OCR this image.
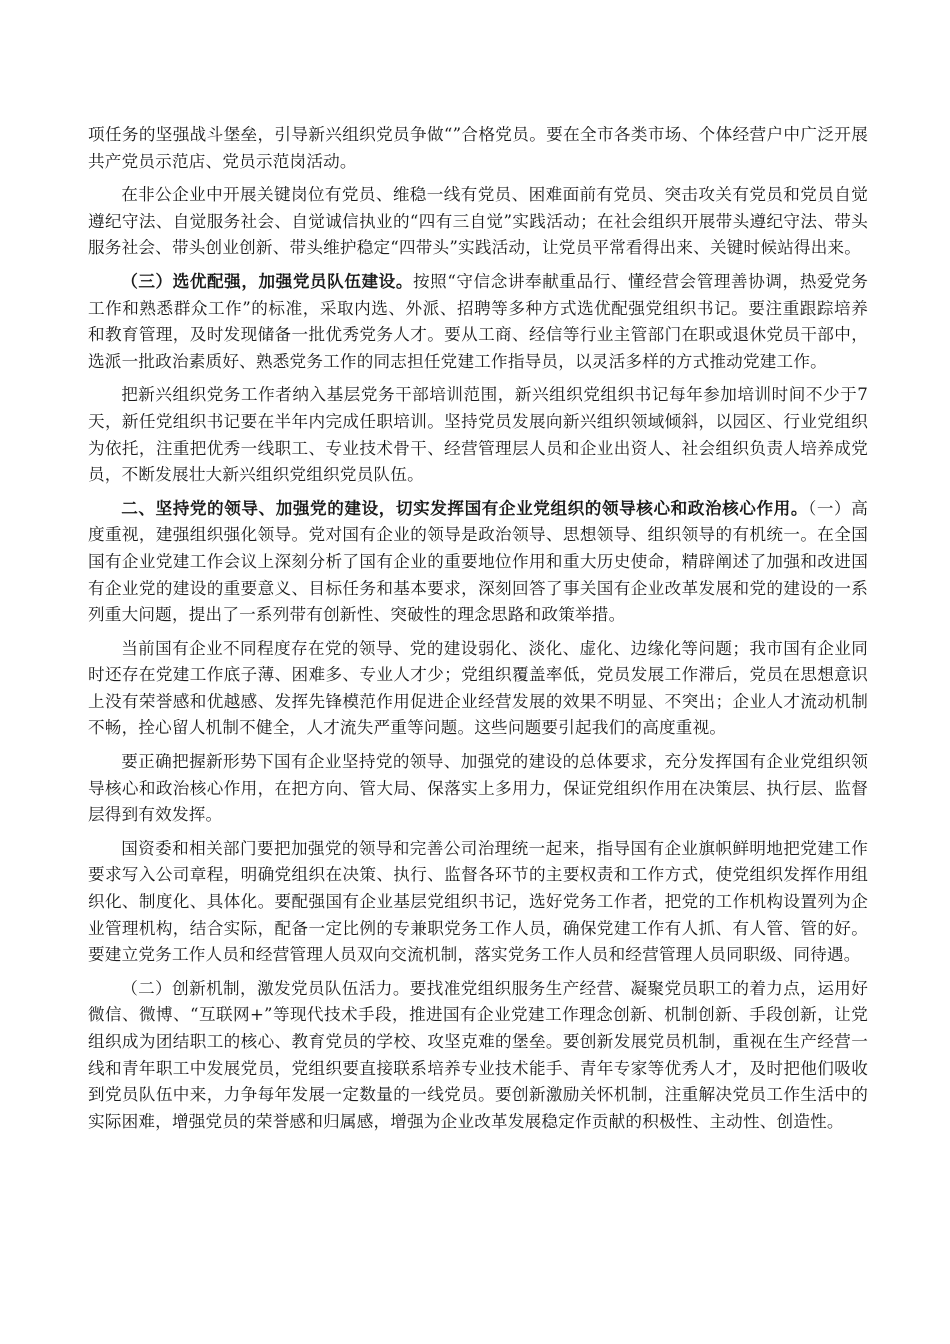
项任务的坚强战斗堡垒，引导新兴组织党员争做“”合格党员。要在全市各类市场、个体经营户中广泛开展共产党员示范店、党员示范岗活动。

在非公企业中开展关键岗位有党员、维稳一线有党员、困难面前有党员、突击攻关有党员和党员自觉遵纪守法、自觉服务社会、自觉诚信执业的“四有三自觉”实践活动；在社会组织开展带头遵纪守法、带头服务社会、带头创业创新、带头维护稳定“四带头”实践活动，让党员平常看得出来、关键时候站得出来。

（三）选优配强，加强党员队伍建设。按照“守信念讲奉献重品行、懂经营会管理善协调，热爱党务工作和熟悉群众工作”的标准，采取内选、外派、招聘等多种方式选优配强党组织书记。要注重跟踪培养和教育管理，及时发现储备一批优秀党务人才。要从工商、经信等行业主管部门在职或退休党员干部中，选派一批政治素质好、熟悉党务工作的同志担任党建工作指导员，以灵活多样的方式推动党建工作。

把新兴组织党务工作者纳入基层党务干部培训范围，新兴组织党组织书记每年参加培训时间不少于7天，新任党组织书记要在半年内完成任职培训。坚持党员发展向新兴组织领域倾斜，以园区、行业党组织为依托，注重把优秀一线职工、专业技术骨干、经营管理层人员和企业出资人、社会组织负责人培养成党员，不断发展壮大新兴组织党组织党员队伍。

二、坚持党的领导、加强党的建设，切实发挥国有企业党组织的领导核心和政治核心作用。（一）高度重视，建强组织强化领导。党对国有企业的领导是政治领导、思想领导、组织领导的有机统一。在全国国有企业党建工作会议上深刻分析了国有企业的重要地位作用和重大历史使命，精辟阐述了加强和改进国有企业党的建设的重要意义、目标任务和基本要求，深刻回答了事关国有企业改革发展和党的建设的一系列重大问题，提出了一系列带有创新性、突破性的理念思路和政策举措。

当前国有企业不同程度存在党的领导、党的建设弱化、淡化、虚化、边缘化等问题；我市国有企业同时还存在党建工作底子薄、困难多、专业人才少；党组织覆盖率低，党员发展工作滞后，党员在思想意识上没有荣誉感和优越感、发挥先锋模范作用促进企业经营发展的效果不明显、不突出；企业人才流动机制不畅，拴心留人机制不健全，人才流失严重等问题。这些问题要引起我们的高度重视。

要正确把握新形势下国有企业坚持党的领导、加强党的建设的总体要求，充分发挥国有企业党组织领导核心和政治核心作用，在把方向、管大局、保落实上多用力，保证党组织作用在决策层、执行层、监督层得到有效发挥。

国资委和相关部门要把加强党的领导和完善公司治理统一起来，指导国有企业旗帜鲜明地把党建工作要求写入公司章程，明确党组织在决策、执行、监督各环节的主要权责和工作方式，使党组织发挥作用组织化、制度化、具体化。要配强国有企业基层党组织书记，选好党务工作者，把党的工作机构设置列为企业管理机构，结合实际，配备一定比例的专兼职党务工作人员，确保党建工作有人抓、有人管、管的好。要建立党务工作人员和经营管理人员双向交流机制，落实党务工作人员和经营管理人员同职级、同待遇。

（二）创新机制，激发党员队伍活力。要找准党组织服务生产经营、凝聚党员职工的着力点，运用好微信、微博、“互联网+”等现代技术手段，推进国有企业党建工作理念创新、机制创新、手段创新，让党组织成为团结职工的核心、教育党员的学校、攻坚克难的堡垒。要创新发展党员机制，重视在生产经营一线和青年职工中发展党员，党组织要直接联系培养专业技术能手、青年专家等优秀人才，及时把他们吸收到党员队伍中来，力争每年发展一定数量的一线党员。要创新激励关怀机制，注重解决党员工作生活中的实际困难，增强党员的荣誉感和归属感，增强为企业改革发展稳定作贡献的积极性、主动性、创造性。
